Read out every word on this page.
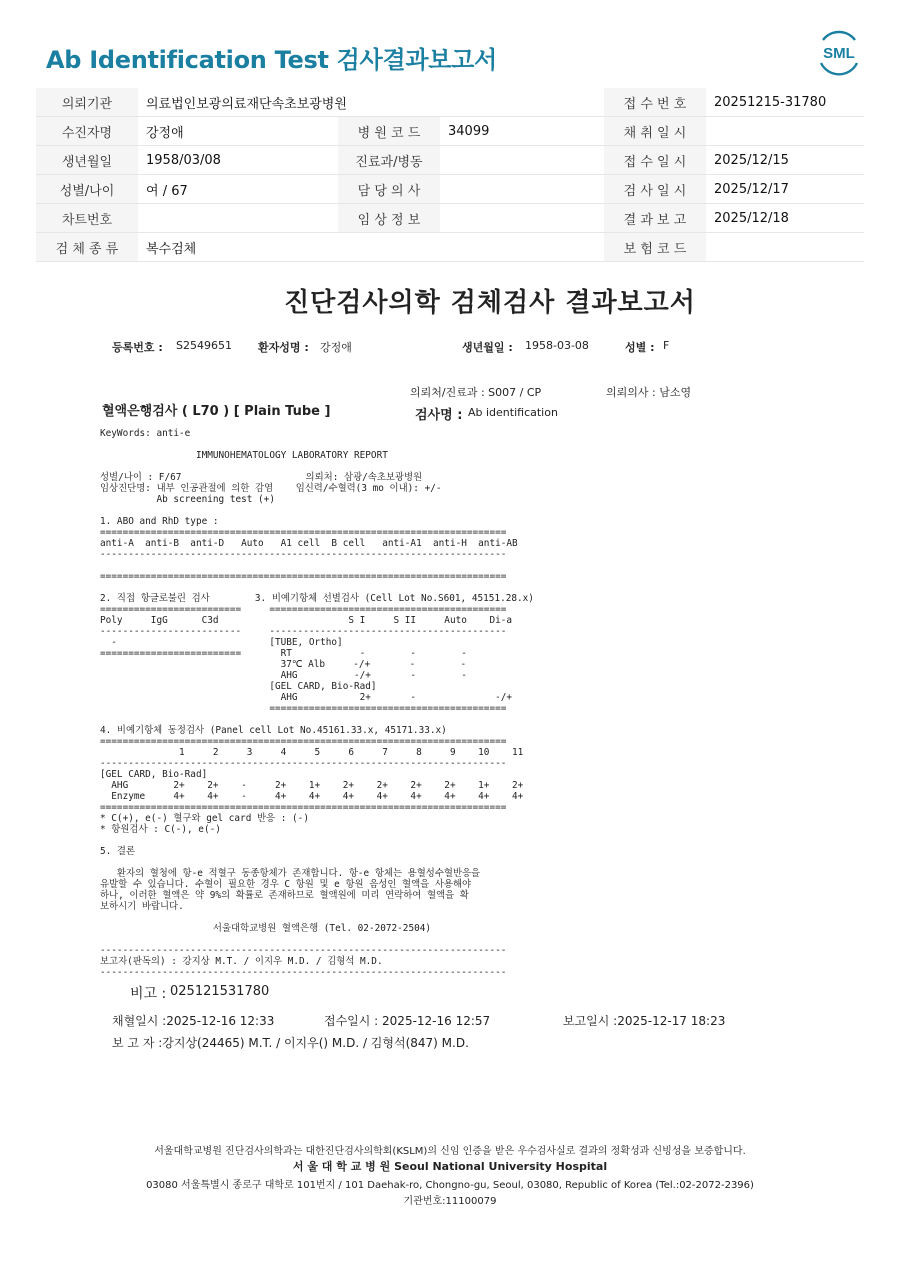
Ab Identification Test 검사결과보고서	SML
의뢰기관	의료법인보광의료재단속초보광병원			접 수 번 호	20251215-31780
수진자명	강정애	병 원 코 드	34099	채 취 일 시	
생년월일	1958/03/08	진료과/병동		접 수 일 시	2025/12/15
성별/나이	여 / 67	담 당 의 사		검 사 일 시	2025/12/17
차트번호		임 상 정 보		결 과 보 고	2025/12/18
검 체 종 류	복수검체			보 험 코 드	
진단검사의학 검체검사 결과보고서
등록번호 : S2549651 환자성명 : 강정애	생년월일 : 1958-03-08	성별 : F
의뢰처/진료과 : S007 / CP	의뢰의사 : 남소영
혈액은행검사 ( L70 ) [ Plain Tube ]	검사명 : Ab identification
KeyWords: anti-e
IMMUNOHEMATOLOGY LABORATORY REPORT
성별/나이 : F/67                      의뢰처: 삼광/속초보광병원
임상진단명: 내부 인공관절에 의한 감염    임신력/수혈력(3 mo 이내): +/-
Ab screening test (+)
1. ABO and RhD type :
========================================================================
anti-A  anti-B  anti-D   Auto   A1 cell  B cell   anti-A1  anti-H  anti-AB
------------------------------------------------------------------------
========================================================================
2. 직접 항글로불린 검사        3. 비예기항체 선별검사 (Cell Lot No.S601, 45151.28.x)
=========================     ==========================================
Poly     IgG      C3d                       S I     S II     Auto    Di-a
-------------------------     ------------------------------------------
-                           [TUBE, Ortho]
=========================       RT            -        -        -
37℃ Alb     -/+       -        -
AHG          -/+       -        -
[GEL CARD, Bio-Rad]
AHG           2+       -              -/+
==========================================
4. 비예기항체 동정검사 (Panel cell Lot No.45161.33.x, 45171.33.x)
========================================================================
1     2     3     4     5     6     7     8     9    10    11
------------------------------------------------------------------------
[GEL CARD, Bio-Rad]
AHG        2+    2+    -     2+    1+    2+    2+    2+    2+    1+    2+
Enzyme     4+    4+    -     4+    4+    4+    4+    4+    4+    4+    4+
========================================================================
* C(+), e(-) 혈구와 gel card 반응 : (-)
* 항원검사 : C(-), e(-)
5. 결론
환자의 혈청에 항-e 적혈구 동종항체가 존재합니다. 항-e 항체는 용혈성수혈반응을
유발할 수 있습니다. 수혈이 필요한 경우 C 항원 및 e 항원 음성인 혈액을 사용해야
하나, 이러한 혈액은 약 9%의 확률로 존재하므로 혈액원에 미리 연락하여 혈액을 확
보하시기 바랍니다.
서울대학교병원 혈액은행 (Tel. 02-2072-2504)
------------------------------------------------------------------------
보고자(판독의) : 강지상 M.T. / 이지우 M.D. / 김형석 M.D.
------------------------------------------------------------------------
비고 : 025121531780
채혈일시 :2025-12-16 12:33	접수일시 : 2025-12-16 12:57	보고일시 :2025-12-17 18:23
보 고 자 :강지상(24465) M.T. / 이지우() M.D. / 김형석(847) M.D.
서울대학교병원 진단검사의학과는 대한진단검사의학회(KSLM)의 신임 인증을 받은 우수검사실로 결과의 정확성과 신빙성을 보증합니다.
서 울 대 학 교 병 원 Seoul National University Hospital
03080 서울특별시 종로구 대학로 101번지 / 101 Daehak-ro, Chongno-gu, Seoul, 03080, Republic of Korea (Tel.:02-2072-2396)
기관번호:11100079
